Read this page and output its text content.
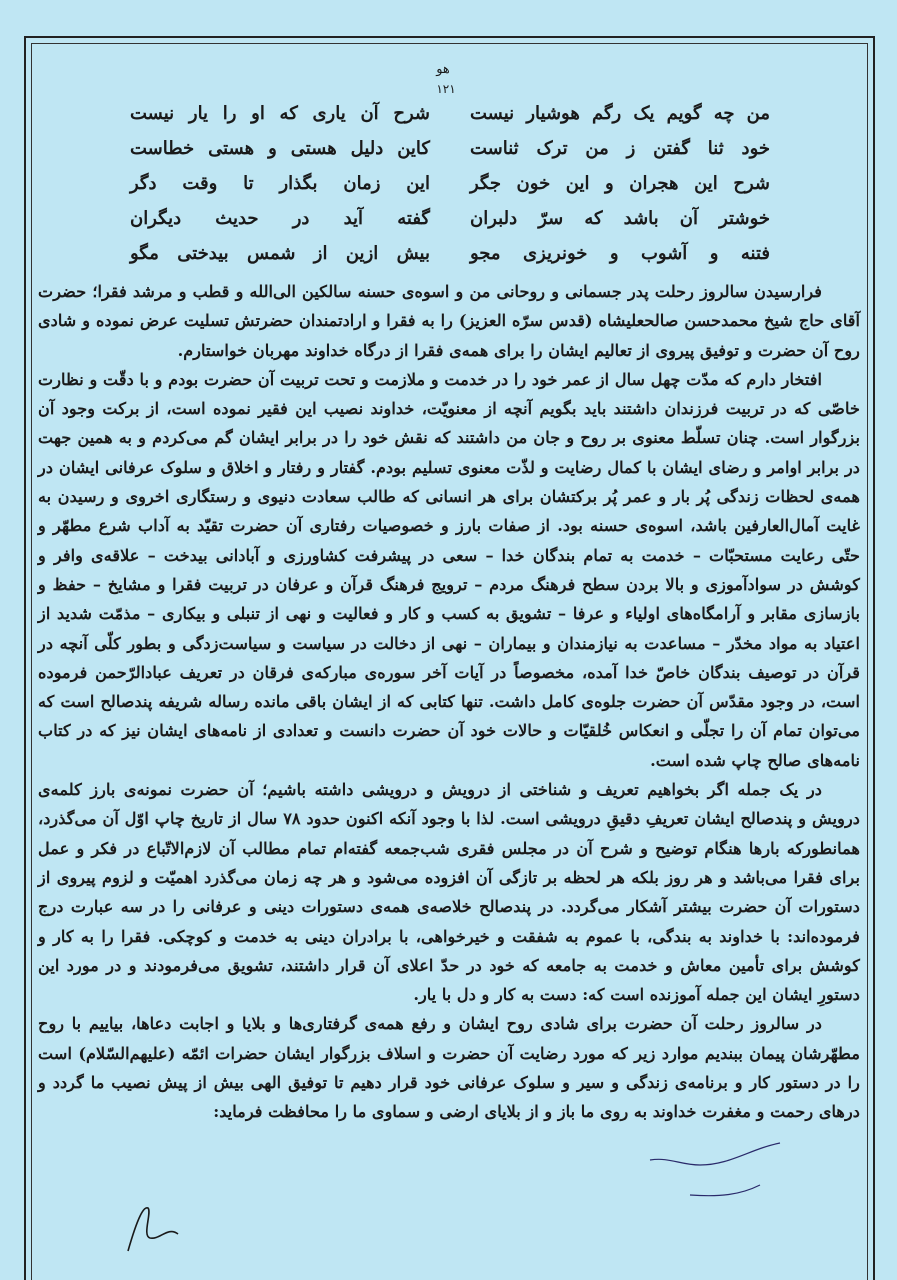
هو
۱۲۱
من چه گویم یک رگم هوشیار نیست
شرح آن یاری که او را یار نیست
خود ثنا گفتن ز من ترک ثناست
کاین دلیل هستی و هستی خطاست
شرح این هجران و این خون جگر
این زمان بگذار تا وقت دگر
خوشتر آن باشد که سرّ دلبران
گفته آید در حدیث دیگران
فتنه و آشوب و خونریزی مجو
بیش ازین از شمس بیدختی مگو

فرارسیدن سالروز رحلت پدر جسمانی و روحانی من و اسوه‌ی حسنه سالکین الی‌الله و قطب و مرشد فقرا؛ حضرت آقای حاج شیخ محمدحسن صالحعلیشاه (قدس سرّه العزیز) را به فقرا و ارادتمندان حضرتش تسلیت عرض نموده و شادی روح آن حضرت و توفیق پیروی از تعالیم ایشان را برای همه‌ی فقرا از درگاه خداوند مهربان خواستارم.

افتخار دارم که مدّت چهل سال از عمر خود را در خدمت و ملازمت و تحت تربیت آن حضرت بودم و با دقّت و نظارت خاصّی که در تربیت فرزندان داشتند باید بگویم آنچه از معنویّت، خداوند نصیب این فقیر نموده است، از برکت وجود آن بزرگوار است. چنان تسلّط معنوی بر روح و جان من داشتند که نقش خود را در برابر ایشان گم می‌کردم و به همین جهت در برابر اوامر و رضای ایشان با کمال رضایت و لذّت معنوی تسلیم بودم. گفتار و رفتار و اخلاق و سلوک عرفانی ایشان در همه‌ی لحظات زندگی پُر بار و عمر پُر برکتشان برای هر انسانی که طالب سعادت دنیوی و رستگاری اخروی و رسیدن به غایت آمال‌العارفین باشد، اسوه‌ی حسنه بود. از صفات بارز و خصوصیات رفتاری آن حضرت تقیّد به آداب شرع مطهّر و حتّی رعایت مستحبّات – خدمت به تمام بندگان خدا – سعی در پیشرفت کشاورزی و آبادانی بیدخت – علاقه‌ی وافر و کوشش در سوادآموزی و بالا بردن سطح فرهنگ مردم – ترویج فرهنگ قرآن و عرفان در تربیت فقرا و مشایخ – حفظ و بازسازی مقابر و آرامگاه‌های اولیاء و عرفا – تشویق به کسب و کار و فعالیت و نهی از تنبلی و بیکاری – مذمّت شدید از اعتیاد به مواد مخدّر – مساعدت به نیازمندان و بیماران – نهی از دخالت در سیاست و سیاست‌زدگی و بطور کلّی آنچه در قرآن در توصیف بندگان خاصّ خدا آمده، مخصوصاً در آیات آخر سوره‌ی مبارکه‌ی فرقان در تعریف عبادالرّحمن فرموده است، در وجود مقدّس آن حضرت جلوه‌ی کامل داشت. تنها کتابی که از ایشان باقی مانده رساله شریفه پندصالح است که می‌توان تمام آن را تجلّی و انعکاس خُلقیّات و حالات خود آن حضرت دانست و تعدادی از نامه‌های ایشان نیز که در کتاب نامه‌های صالح چاپ شده است.

در یک جمله اگر بخواهیم تعریف و شناختی از درویش و درویشی داشته باشیم؛ آن حضرت نمونه‌ی بارز کلمه‌ی درویش و پندصالح ایشان تعریفِ دقیقِ درویشی است. لذا با وجود آنکه اکنون حدود ۷۸ سال از تاریخ چاپ اوّل آن می‌گذرد، همانطورکه بارها هنگام توضیح و شرح آن در مجلس فقری شب‌جمعه گفته‌ام تمام مطالب آن لازم‌الاتّباع در فکر و عمل برای فقرا می‌باشد و هر روز بلکه هر لحظه بر تازگی آن افزوده می‌شود و هر چه زمان می‌گذرد اهمیّت و لزوم پیروی از دستورات آن حضرت بیشتر آشکار می‌گردد. در پندصالح خلاصه‌ی همه‌ی دستورات دینی و عرفانی را در سه عبارت درج فرموده‌اند: با خداوند به بندگی، با عموم به شفقت و خیرخواهی، با برادران دینی به خدمت و کوچکی. فقرا را به کار و کوشش برای تأمین معاش و خدمت به جامعه که خود در حدّ اعلای آن قرار داشتند، تشویق می‌فرمودند و در مورد این دستورِ ایشان این جمله آموزنده است که: دست به کار و دل با یار.

در سالروز رحلت آن حضرت برای شادی روح ایشان و رفع همه‌ی گرفتاری‌ها و بلایا و اجابت دعاها، بیاییم با روح مطهّرشان پیمان ببندیم موارد زیر که مورد رضایت آن حضرت و اسلاف بزرگوار ایشان حضرات ائمّه (علیهم‌السّلام) است را در دستور کار و برنامه‌ی زندگی و سیر و سلوک عرفانی خود قرار دهیم تا توفیق الهی بیش از پیش نصیب ما گردد و درهای رحمت و مغفرت خداوند به روی ما باز و از بلایای ارضی و سماوی ما را محافظت فرماید:
